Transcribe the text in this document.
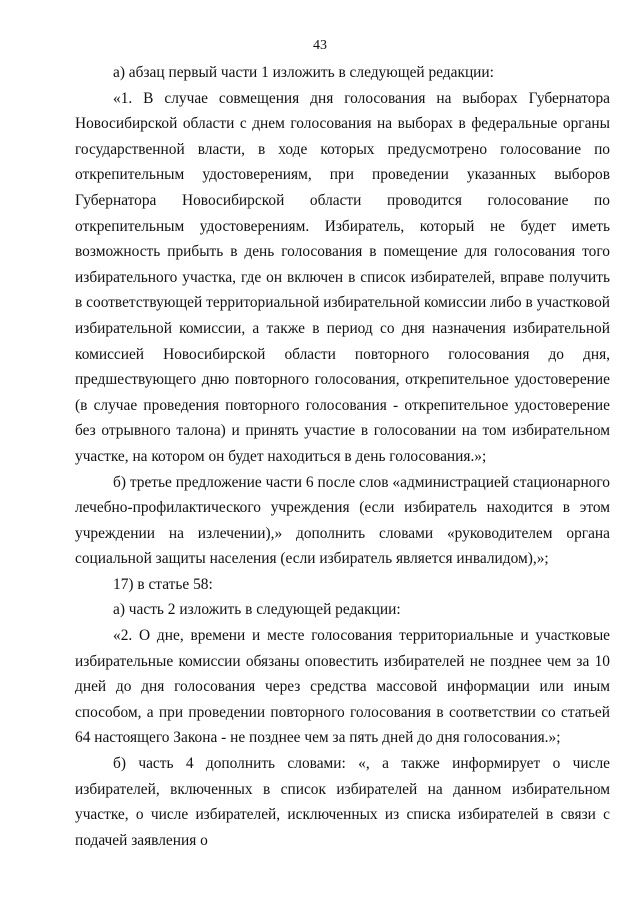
43

а) абзац первый части 1 изложить в следующей редакции:

«1. В случае совмещения дня голосования на выборах Губернатора Новосибирской области с днем голосования на выборах в федеральные органы государственной власти, в ходе которых предусмотрено голосование по открепительным удостоверениям, при проведении указанных выборов Губернатора Новосибирской области проводится голосование по открепительным удостоверениям. Избиратель, который не будет иметь возможность прибыть в день голосования в помещение для голосования того избирательного участка, где он включен в список избирателей, вправе получить в соответствующей территориальной избирательной комиссии либо в участковой избирательной комиссии, а также в период со дня назначения избирательной комиссией Новосибирской области повторного голосования до дня, предшествующего дню повторного голосования, открепительное удостоверение (в случае проведения повторного голосования - открепительное удостоверение без отрывного талона) и принять участие в голосовании на том избирательном участке, на котором он будет находиться в день голосования.»;

б) третье предложение части 6 после слов «администрацией стационарного лечебно-профилактического учреждения (если избиратель находится в этом учреждении на излечении),» дополнить словами «руководителем органа социальной защиты населения (если избиратель является инвалидом),»;

17) в статье 58:

а) часть 2 изложить в следующей редакции:

«2. О дне, времени и месте голосования территориальные и участковые избирательные комиссии обязаны оповестить избирателей не позднее чем за 10 дней до дня голосования через средства массовой информации или иным способом, а при проведении повторного голосования в соответствии со статьей 64 настоящего Закона - не позднее чем за пять дней до дня голосования.»;

б) часть 4 дополнить словами: «, а также информирует о числе избирателей, включенных в список избирателей на данном избирательном участке, о числе избирателей, исключенных из списка избирателей в связи с подачей заявления о
